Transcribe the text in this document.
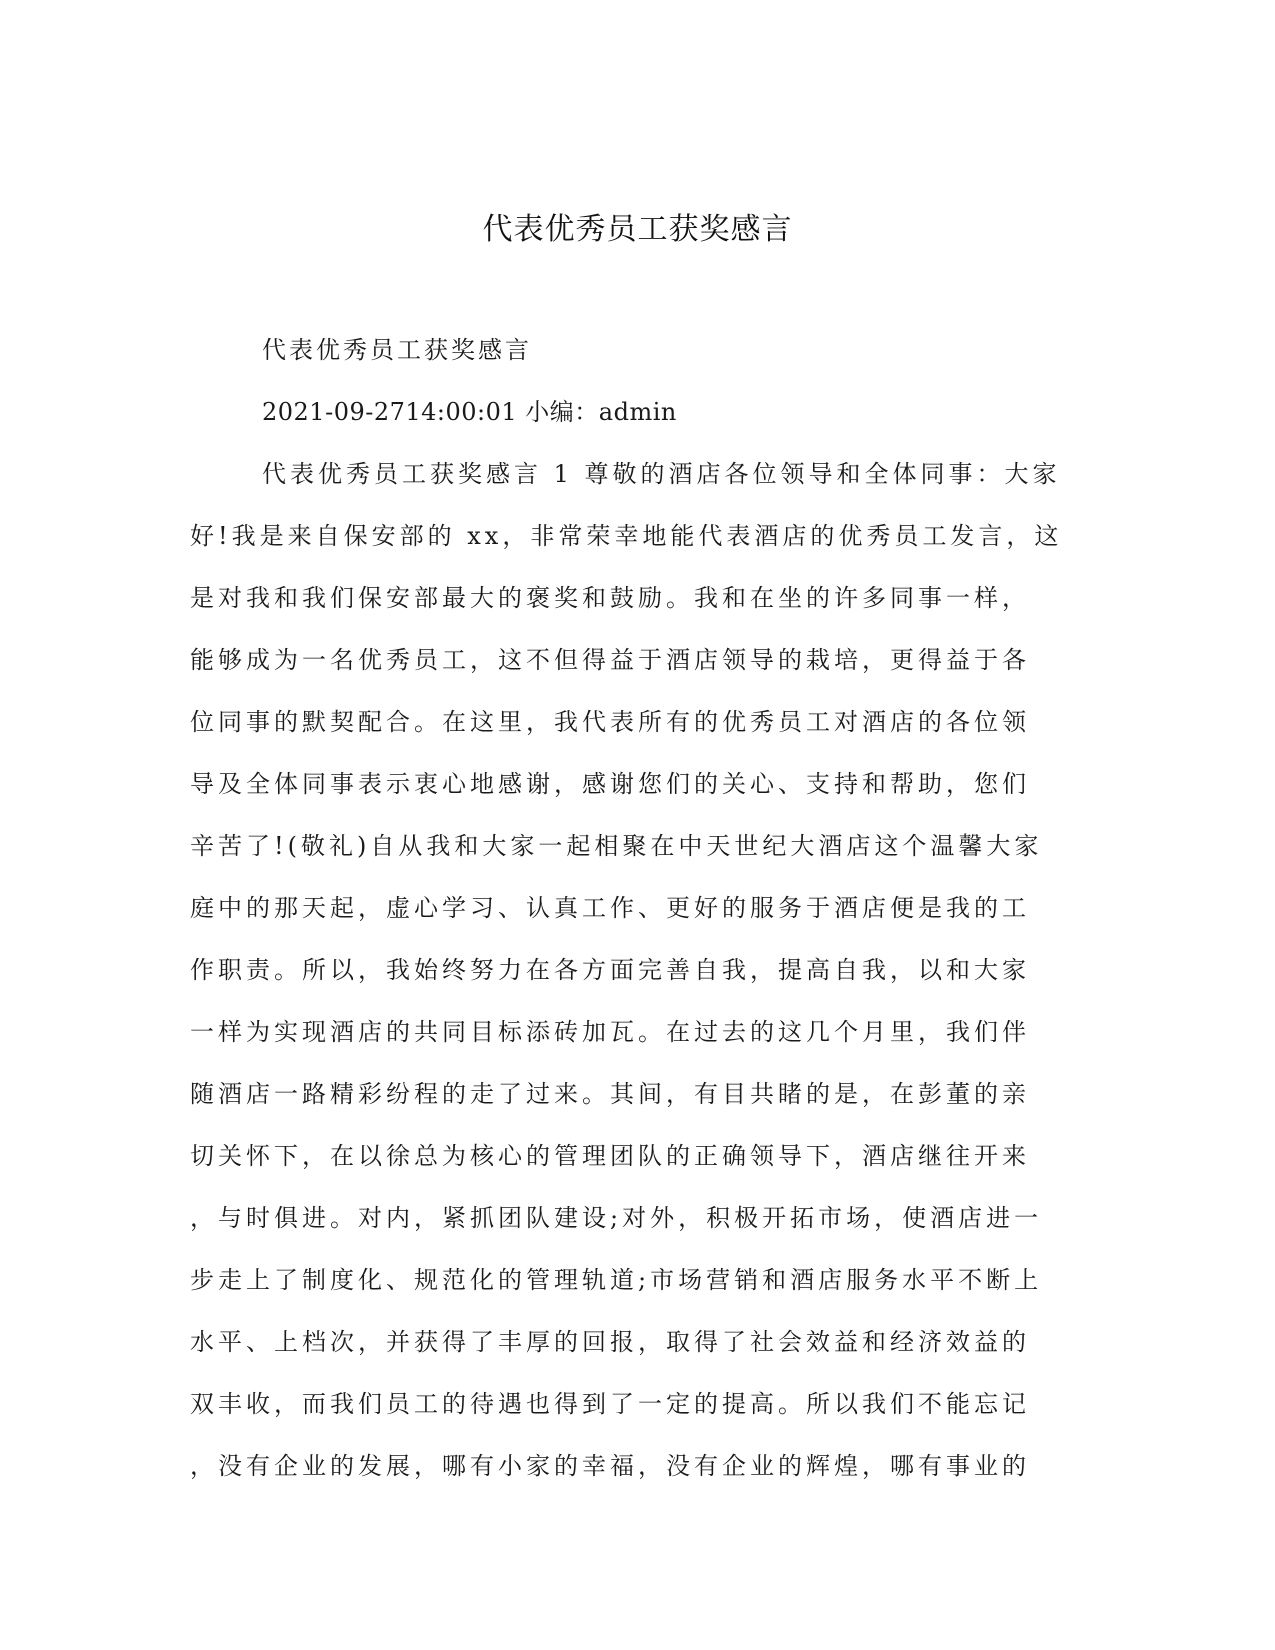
代表优秀员工获奖感言
代表优秀员工获奖感言
2021-09-2714:00:01 小编：admin
代表优秀员工获奖感言 1 尊敬的酒店各位领导和全体同事：大家
好!我是来自保安部的 xx，非常荣幸地能代表酒店的优秀员工发言，这
是对我和我们保安部最大的褒奖和鼓励。我和在坐的许多同事一样，
能够成为一名优秀员工，这不但得益于酒店领导的栽培，更得益于各
位同事的默契配合。在这里，我代表所有的优秀员工对酒店的各位领
导及全体同事表示衷心地感谢，感谢您们的关心、支持和帮助，您们
辛苦了!(敬礼)自从我和大家一起相聚在中天世纪大酒店这个温馨大家
庭中的那天起，虚心学习、认真工作、更好的服务于酒店便是我的工
作职责。所以，我始终努力在各方面完善自我，提高自我，以和大家
一样为实现酒店的共同目标添砖加瓦。在过去的这几个月里，我们伴
随酒店一路精彩纷程的走了过来。其间，有目共睹的是，在彭董的亲
切关怀下，在以徐总为核心的管理团队的正确领导下，酒店继往开来
，与时俱进。对内，紧抓团队建设;对外，积极开拓市场，使酒店进一
步走上了制度化、规范化的管理轨道;市场营销和酒店服务水平不断上
水平、上档次，并获得了丰厚的回报，取得了社会效益和经济效益的
双丰收，而我们员工的待遇也得到了一定的提高。所以我们不能忘记
，没有企业的发展，哪有小家的幸福，没有企业的辉煌，哪有事业的
